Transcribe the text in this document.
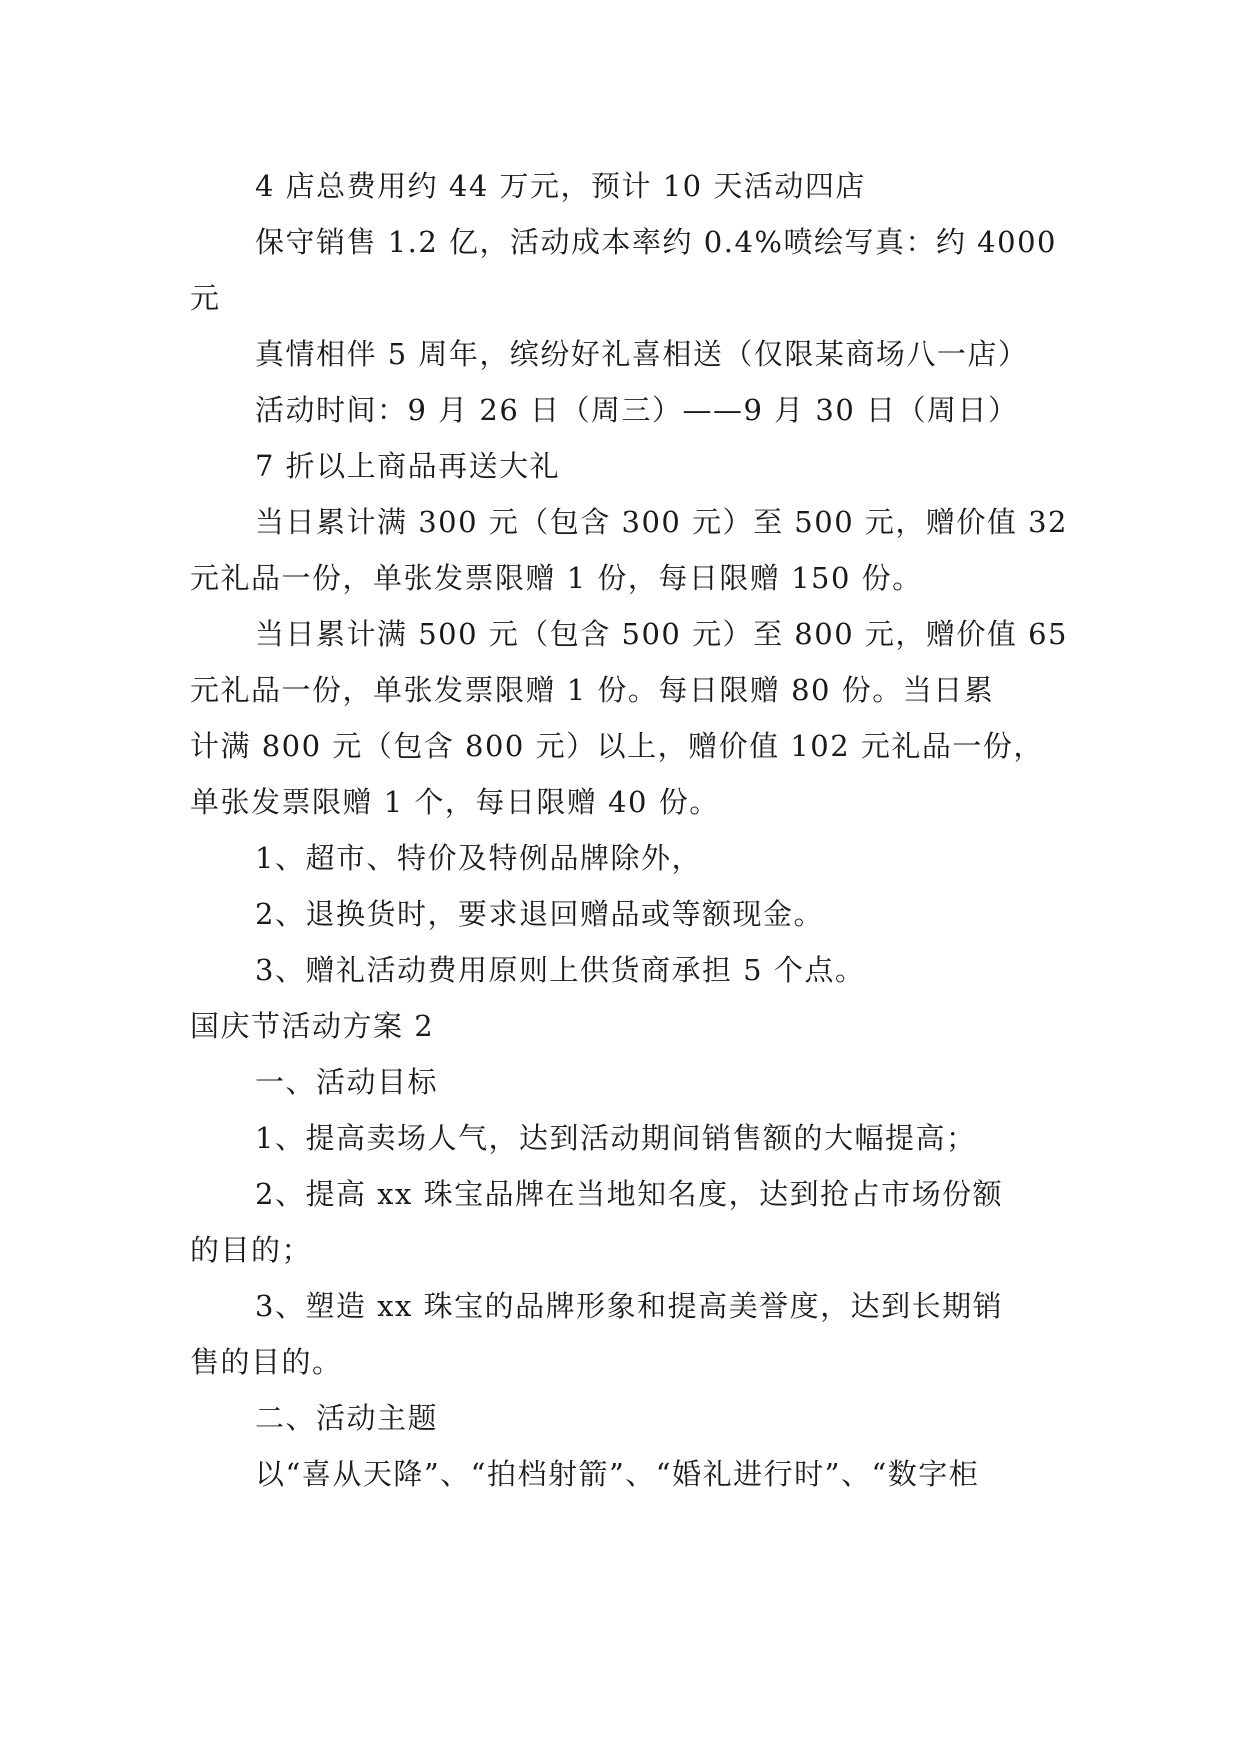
4 店总费用约 44 万元，预计 10 天活动四店
保守销售 1.2 亿，活动成本率约 0.4%喷绘写真：约 4000
元
真情相伴 5 周年，缤纷好礼喜相送（仅限某商场八一店）
活动时间：9 月 26 日（周三）——9 月 30 日（周日）
7 折以上商品再送大礼
当日累计满 300 元（包含 300 元）至 500 元，赠价值 32
元礼品一份，单张发票限赠 1 份，每日限赠 150 份。
当日累计满 500 元（包含 500 元）至 800 元，赠价值 65
元礼品一份，单张发票限赠 1 份。每日限赠 80 份。当日累
计满 800 元（包含 800 元）以上，赠价值 102 元礼品一份，
单张发票限赠 1 个，每日限赠 40 份。
1、超市、特价及特例品牌除外，
2、退换货时，要求退回赠品或等额现金。
3、赠礼活动费用原则上供货商承担 5 个点。
国庆节活动方案 2
一、活动目标
1、提高卖场人气，达到活动期间销售额的大幅提高；
2、提高 xx 珠宝品牌在当地知名度，达到抢占市场份额
的目的；
3、塑造 xx 珠宝的品牌形象和提高美誉度，达到长期销
售的目的。
二、活动主题
以“喜从天降”、“拍档射箭”、“婚礼进行时”、“数字柜
